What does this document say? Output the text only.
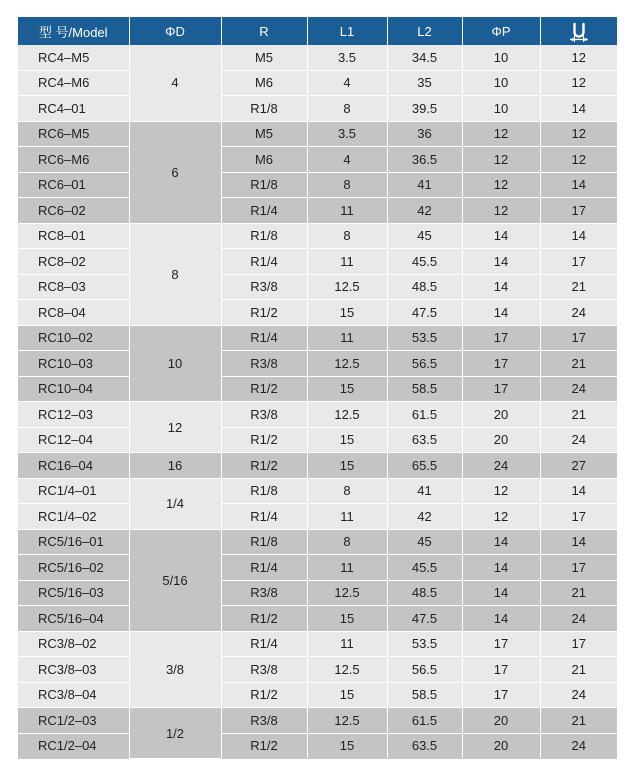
型 号/Model	ΦD	R	L1	L2	ΦP	
RC4–M5	4	M5	3.5	34.5	10	12
RC4–M6		M6	4	35	10	12
RC4–01		R1/8	8	39.5	10	14
RC6–M5	6	M5	3.5	36	12	12
RC6–M6		M6	4	36.5	12	12
RC6–01		R1/8	8	41	12	14
RC6–02		R1/4	11	42	12	17
RC8–01	8	R1/8	8	45	14	14
RC8–02		R1/4	11	45.5	14	17
RC8–03		R3/8	12.5	48.5	14	21
RC8–04		R1/2	15	47.5	14	24
RC10–02	10	R1/4	11	53.5	17	17
RC10–03		R3/8	12.5	56.5	17	21
RC10–04		R1/2	15	58.5	17	24
RC12–03	12	R3/8	12.5	61.5	20	21
RC12–04		R1/2	15	63.5	20	24
RC16–04	16	R1/2	15	65.5	24	27
RC1/4–01	1/4	R1/8	8	41	12	14
RC1/4–02		R1/4	11	42	12	17
RC5/16–01	5/16	R1/8	8	45	14	14
RC5/16–02		R1/4	11	45.5	14	17
RC5/16–03		R3/8	12.5	48.5	14	21
RC5/16–04		R1/2	15	47.5	14	24
RC3/8–02	3/8	R1/4	11	53.5	17	17
RC3/8–03		R3/8	12.5	56.5	17	21
RC3/8–04		R1/2	15	58.5	17	24
RC1/2–03	1/2	R3/8	12.5	61.5	20	21
RC1/2–04		R1/2	15	63.5	20	24
